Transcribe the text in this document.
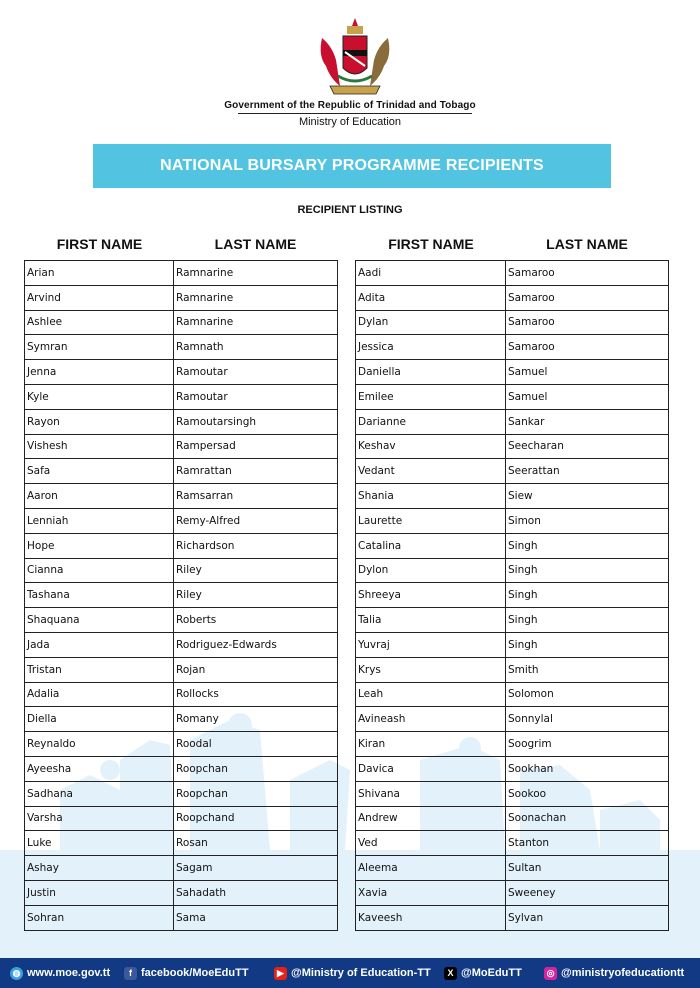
Government of the Republic of Trinidad and Tobago
Ministry of Education
NATIONAL BURSARY PROGRAMME RECIPIENTS
RECIPIENT LISTING
FIRST NAME	LAST NAME	FIRST NAME	LAST NAME
Arian	Ramnarine
Arvind	Ramnarine
Ashlee	Ramnarine
Symran	Ramnath
Jenna	Ramoutar
Kyle	Ramoutar
Rayon	Ramoutarsingh
Vishesh	Rampersad
Safa	Ramrattan
Aaron	Ramsarran
Lenniah	Remy-Alfred
Hope	Richardson
Cianna	Riley
Tashana	Riley
Shaquana	Roberts
Jada	Rodriguez-Edwards
Tristan	Rojan
Adalia	Rollocks
Diella	Romany
Reynaldo	Roodal
Ayeesha	Roopchan
Sadhana	Roopchan
Varsha	Roopchand
Luke	Rosan
Ashay	Sagam
Justin	Sahadath
Sohran	Sama
Aadi	Samaroo
Adita	Samaroo
Dylan	Samaroo
Jessica	Samaroo
Daniella	Samuel
Emilee	Samuel
Darianne	Sankar
Keshav	Seecharan
Vedant	Seerattan
Shania	Siew
Laurette	Simon
Catalina	Singh
Dylon	Singh
Shreeya	Singh
Talia	Singh
Yuvraj	Singh
Krys	Smith
Leah	Solomon
Avineash	Sonnylal
Kiran	Soogrim
Davica	Sookhan
Shivana	Sookoo
Andrew	Soonachan
Ved	Stanton
Aleema	Sultan
Xavia	Sweeney
Kaveesh	Sylvan
◍ www.moe.gov.tt	f facebook/MoeEduTT	▶ @Ministry of Education-TT	X @MoEduTT	◎ @ministryofeducationtt
